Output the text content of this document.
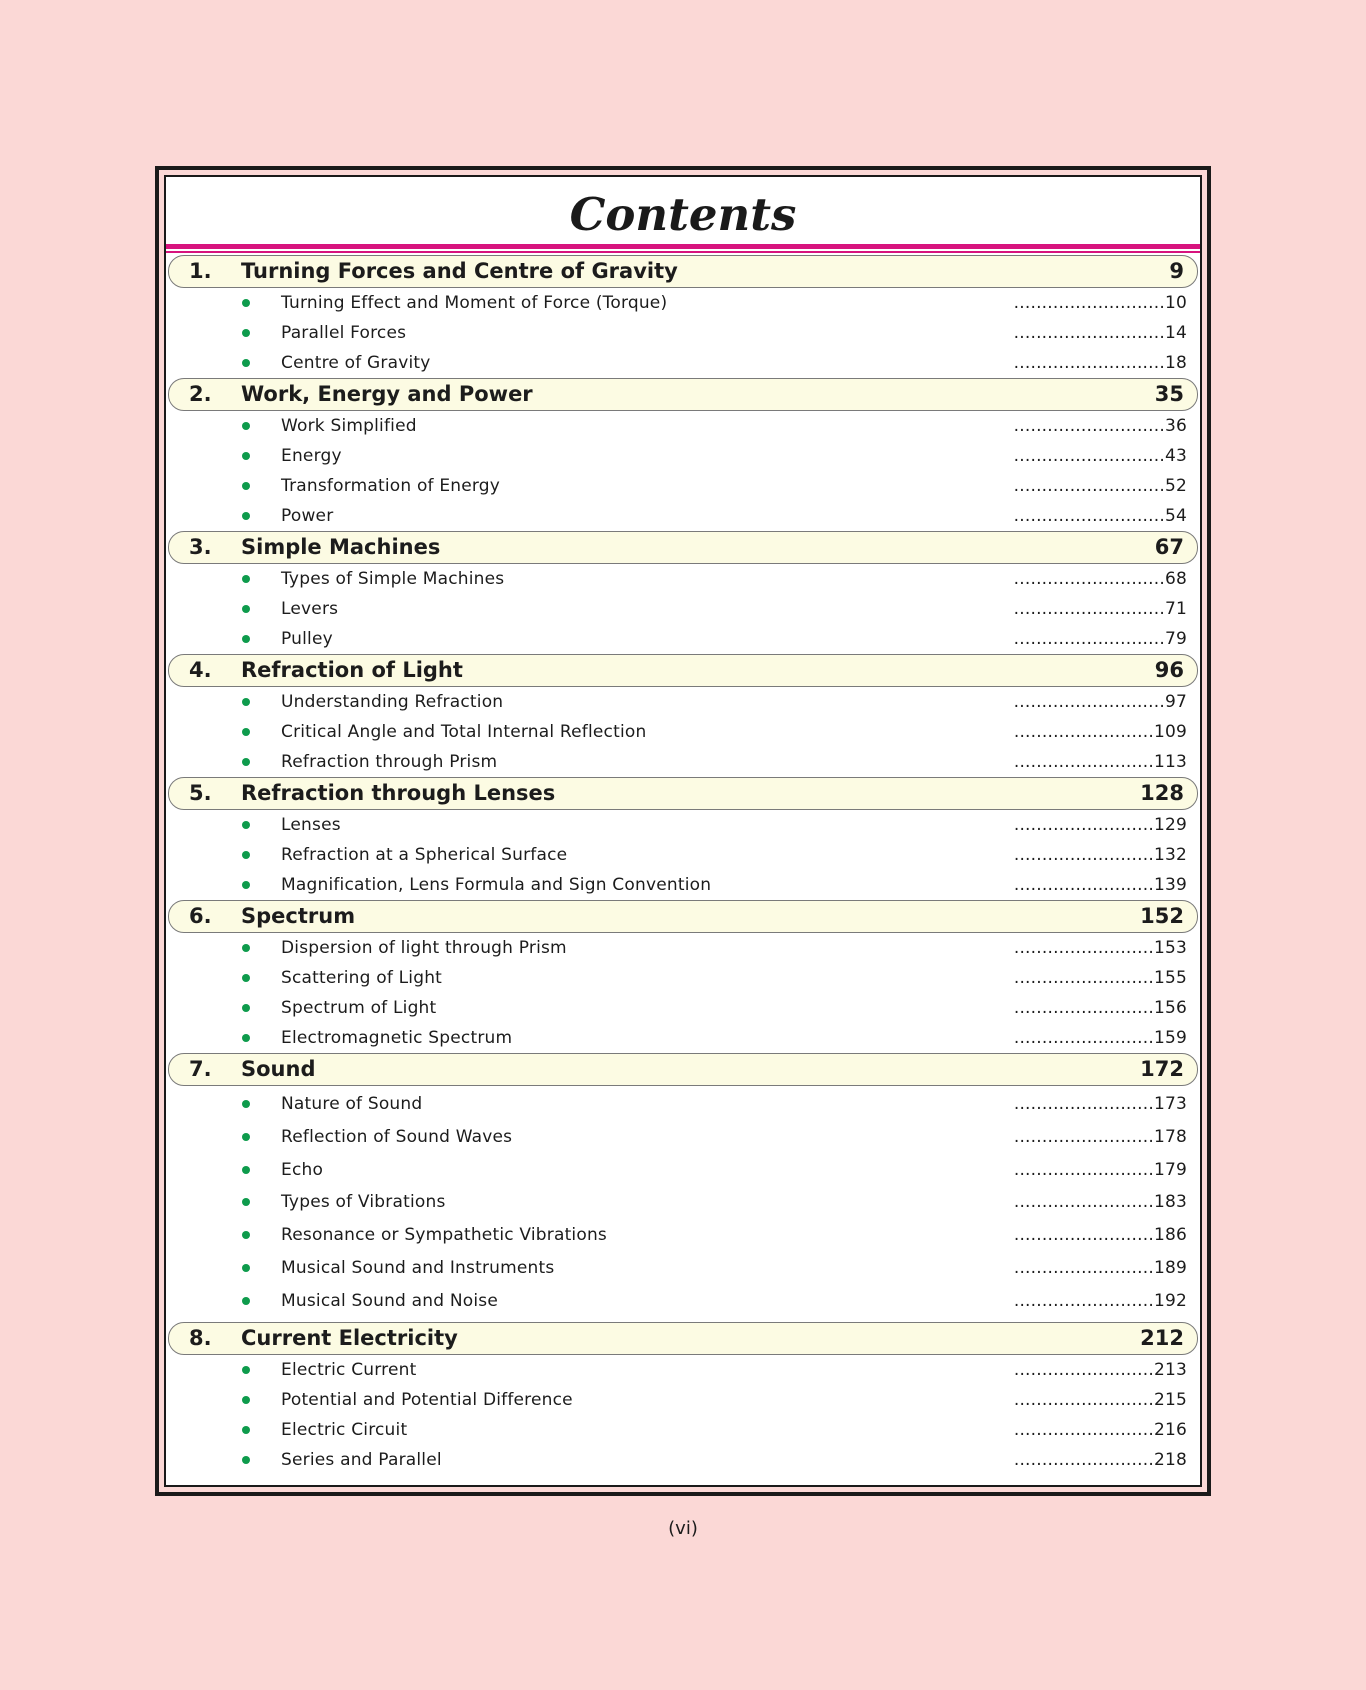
Contents
1. Turning Forces and Centre of Gravity	9
Turning Effect and Moment of Force (Torque)	...........................10
Parallel Forces	...........................14
Centre of Gravity	...........................18
2. Work, Energy and Power	35
Work Simplified	...........................36
Energy	...........................43
Transformation of Energy	...........................52
Power	...........................54
3. Simple Machines	67
Types of Simple Machines	...........................68
Levers	...........................71
Pulley	...........................79
4. Refraction of Light	96
Understanding Refraction	...........................97
Critical Angle and Total Internal Reflection	.........................109
Refraction through Prism	.........................113
5. Refraction through Lenses	128
Lenses	.........................129
Refraction at a Spherical Surface	.........................132
Magnification, Lens Formula and Sign Convention	.........................139
6. Spectrum	152
Dispersion of light through Prism	.........................153
Scattering of Light	.........................155
Spectrum of Light	.........................156
Electromagnetic Spectrum	.........................159
7. Sound	172
Nature of Sound	.........................173
Reflection of Sound Waves	.........................178
Echo	.........................179
Types of Vibrations	.........................183
Resonance or Sympathetic Vibrations	.........................186
Musical Sound and Instruments	.........................189
Musical Sound and Noise	.........................192
8. Current Electricity	212
Electric Current	.........................213
Potential and Potential Difference	.........................215
Electric Circuit	.........................216
Series and Parallel	.........................218
(vi)
